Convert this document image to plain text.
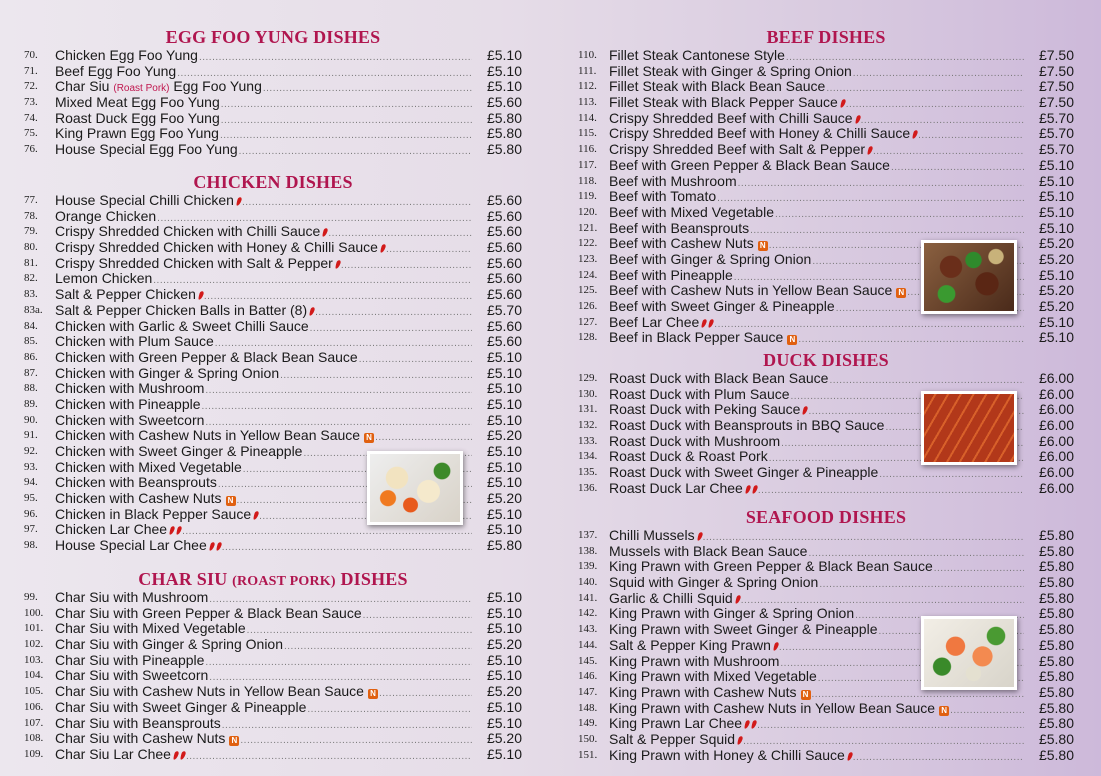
EGG FOO YUNG DISHES
70.	Chicken Egg Foo Yung .....	£5.10
71.	Beef Egg Foo Yung .....	£5.10
72.	Char Siu (Roast Pork) Egg Foo Yung .....	£5.10
73.	Mixed Meat Egg Foo Yung .....	£5.60
74.	Roast Duck Egg Foo Yung .....	£5.80
75.	King Prawn Egg Foo Yung .....	£5.80
76.	House Special Egg Foo Yung .....	£5.80
CHICKEN DISHES
77.	House Special Chilli Chicken .....	£5.60
78.	Orange Chicken .....	£5.60
79.	Crispy Shredded Chicken with Chilli Sauce .....	£5.60
80.	Crispy Shredded Chicken with Honey & Chilli Sauce .....	£5.60
81.	Crispy Shredded Chicken with Salt & Pepper .....	£5.60
82.	Lemon Chicken .....	£5.60
83.	Salt & Pepper Chicken .....	£5.60
83a. Salt & Pepper Chicken Balls in Batter (8) .....	£5.70
84.	Chicken with Garlic & Sweet Chilli Sauce .....	£5.60
85.	Chicken with Plum Sauce .....	£5.60
86.	Chicken with Green Pepper & Black Bean Sauce .....	£5.10
87.	Chicken with Ginger & Spring Onion .....	£5.10
88.	Chicken with Mushroom .....	£5.10
89.	Chicken with Pineapple .....	£5.10
90.	Chicken with Sweetcorn .....	£5.10
91.	Chicken with Cashew Nuts in Yellow Bean Sauce N .....	£5.20
92.	Chicken with Sweet Ginger & Pineapple .....	£5.10
93.	Chicken with Mixed Vegetable .....	£5.10
94.	Chicken with Beansprouts .....	£5.10
95.	Chicken with Cashew Nuts N .....	£5.20
96.	Chicken in Black Pepper Sauce .....	£5.10
97.	Chicken Lar Chee .....	£5.10
98.	House Special Lar Chee .....	£5.80
CHAR SIU (ROAST PORK) DISHES
99.	Char Siu with Mushroom .....	£5.10
100. Char Siu with Green Pepper & Black Bean Sauce .....	£5.10
101. Char Siu with Mixed Vegetable .....	£5.10
102. Char Siu with Ginger & Spring Onion .....	£5.20
103. Char Siu with Pineapple .....	£5.10
104. Char Siu with Sweetcorn .....	£5.10
105. Char Siu with Cashew Nuts in Yellow Bean Sauce N .....	£5.20
106. Char Siu with Sweet Ginger & Pineapple .....	£5.10
107. Char Siu with Beansprouts .....	£5.10
108. Char Siu with Cashew Nuts N .....	£5.20
109. Char Siu Lar Chee .....	£5.10
BEEF DISHES
110. Fillet Steak Cantonese Style .....	£7.50
111. Fillet Steak with Ginger & Spring Onion .....	£7.50
112. Fillet Steak with Black Bean Sauce .....	£7.50
113. Fillet Steak with Black Pepper Sauce .....	£7.50
114. Crispy Shredded Beef with Chilli Sauce .....	£5.70
115. Crispy Shredded Beef with Honey & Chilli Sauce .....	£5.70
116. Crispy Shredded Beef with Salt & Pepper .....	£5.70
117. Beef with Green Pepper & Black Bean Sauce .....	£5.10
118. Beef with Mushroom .....	£5.10
119. Beef with Tomato .....	£5.10
120. Beef with Mixed Vegetable .....	£5.10
121. Beef with Beansprouts .....	£5.10
122. Beef with Cashew Nuts N .....	£5.20
123. Beef with Ginger & Spring Onion .....	£5.20
124. Beef with Pineapple .....	£5.10
125. Beef with Cashew Nuts in Yellow Bean Sauce N .....	£5.20
126. Beef with Sweet Ginger & Pineapple .....	£5.20
127. Beef Lar Chee .....	£5.10
128. Beef in Black Pepper Sauce N .....	£5.10
DUCK DISHES
129. Roast Duck with Black Bean Sauce .....	£6.00
130. Roast Duck with Plum Sauce .....	£6.00
131. Roast Duck with Peking Sauce .....	£6.00
132. Roast Duck with Beansprouts in BBQ Sauce .....	£6.00
133. Roast Duck with Mushroom .....	£6.00
134. Roast Duck & Roast Pork .....	£6.00
135. Roast Duck with Sweet Ginger & Pineapple .....	£6.00
136. Roast Duck Lar Chee .....	£6.00
SEAFOOD DISHES
137. Chilli Mussels .....	£5.80
138. Mussels with Black Bean Sauce .....	£5.80
139. King Prawn with Green Pepper & Black Bean Sauce .....	£5.80
140. Squid with Ginger & Spring Onion .....	£5.80
141. Garlic & Chilli Squid .....	£5.80
142. King Prawn with Ginger & Spring Onion .....	£5.80
143. King Prawn with Sweet Ginger & Pineapple .....	£5.80
144. Salt & Pepper King Prawn .....	£5.80
145. King Prawn with Mushroom .....	£5.80
146. King Prawn with Mixed Vegetable .....	£5.80
147. King Prawn with Cashew Nuts N .....	£5.80
148. King Prawn with Cashew Nuts in Yellow Bean Sauce N .....	£5.80
149. King Prawn Lar Chee .....	£5.80
150. Salt & Pepper Squid .....	£5.80
151. King Prawn with Honey & Chilli Sauce .....	£5.80
